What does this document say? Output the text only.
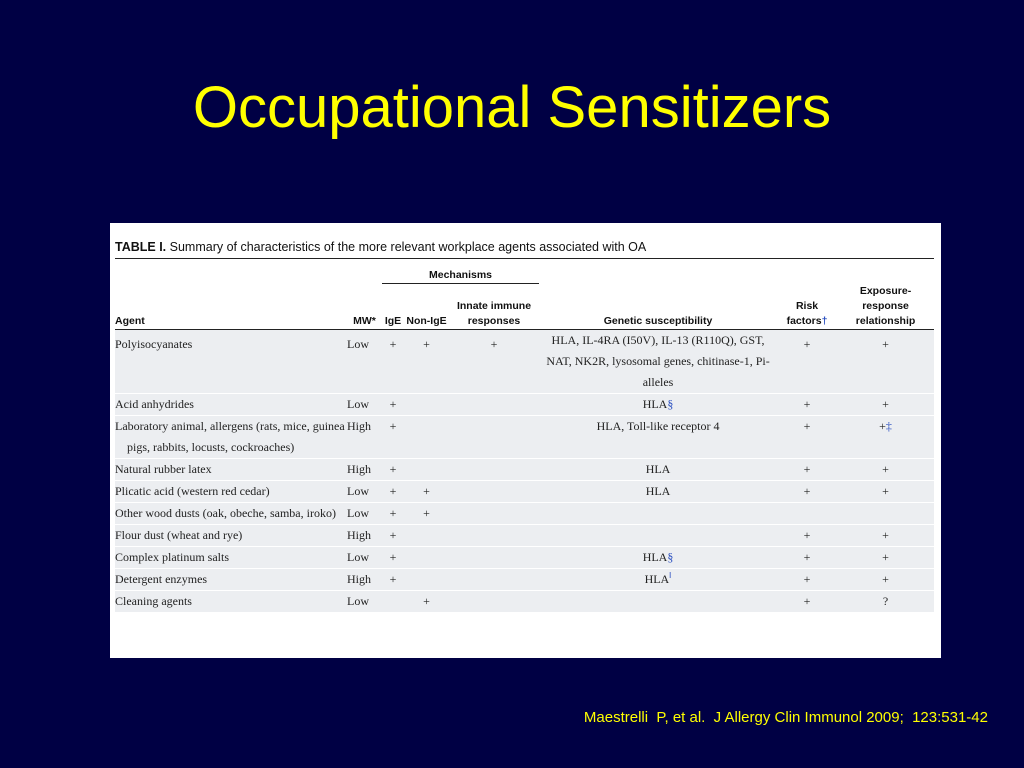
Occupational Sensitizers
TABLE I. Summary of characteristics of the more relevant workplace agents associated with OA
		Mechanisms					
Agent	MW*	IgE	Non-IgE	Innate immune responses	Genetic susceptibility	Risk factors†	Exposure-response relationship
Polyisocyanates	Low	+	+	+	HLA, IL-4RA (I50V), IL-13 (R110Q), GST, NAT, NK2R, lysosomal genes, chitinase-1, Pi-alleles	+	+
Acid anhydrides	Low	+			HLA§	+	+
Laboratory animal, allergens (rats, mice, guinea pigs, rabbits, locusts, cockroaches)	High	+			HLA, Toll-like receptor 4	+	+‡
Natural rubber latex	High	+			HLA	+	+
Plicatic acid (western red cedar)	Low	+	+		HLA	+	+
Other wood dusts (oak, obeche, samba, iroko)	Low	+	+				
Flour dust (wheat and rye)	High	+				+	+
Complex platinum salts	Low	+			HLA§	+	+
Detergent enzymes	High	+			HLA‖	+	+
Cleaning agents	Low		+			+	?
Maestrelli  P, et al.  J Allergy Clin Immunol 2009;  123:531-42
